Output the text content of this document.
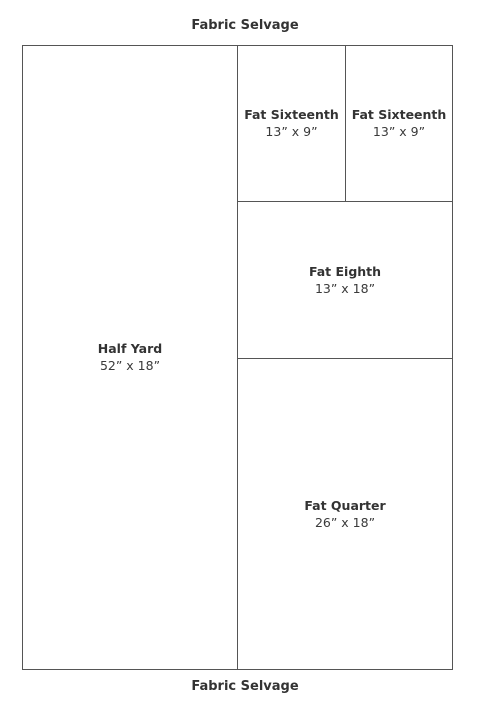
Fabric Selvage
Half Yard
52” x 18”
Fat Sixteenth
13” x 9”
Fat Sixteenth
13” x 9”
Fat Eighth
13” x 18”
Fat Quarter
26” x 18”
Fabric Selvage
